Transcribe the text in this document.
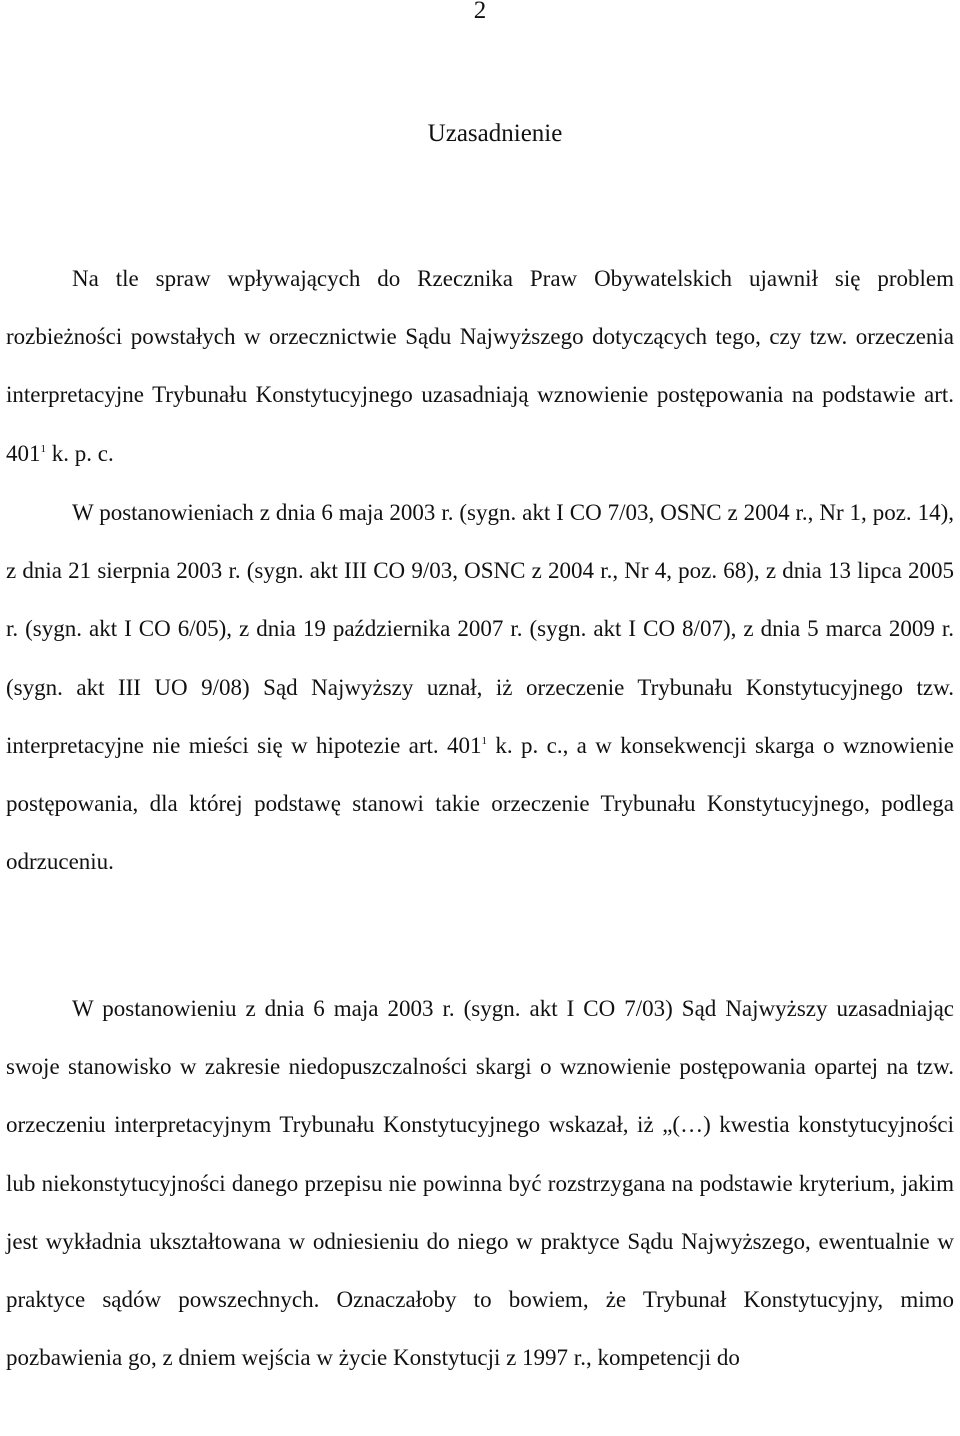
2
Uzasadnienie

Na tle spraw wpływających do Rzecznika Praw Obywatelskich ujawnił się problem rozbieżności powstałych w orzecznictwie Sądu Najwyższego dotyczących tego, czy tzw. orzeczenia interpretacyjne Trybunału Konstytucyjnego uzasadniają wznowienie postępowania na podstawie art. $401^1$ k. p. c.

W postanowieniach z dnia 6 maja 2003 r. (sygn. akt I CO 7/03, OSNC z 2004 r., Nr 1, poz. 14), z dnia 21 sierpnia 2003 r. (sygn. akt III CO 9/03, OSNC z 2004 r., Nr 4, poz. 68), z dnia 13 lipca 2005 r. (sygn. akt I CO 6/05), z dnia 19 października 2007 r. (sygn. akt I CO 8/07), z dnia 5 marca 2009 r. (sygn. akt III UO 9/08) Sąd Najwyższy uznał, iż orzeczenie Trybunału Konstytucyjnego tzw. interpretacyjne nie mieści się w hipotezie art. $401^1$ k. p. c., a w konsekwencji skarga o wznowienie postępowania, dla której podstawę stanowi takie orzeczenie Trybunału Konstytucyjnego, podlega odrzuceniu.

W postanowieniu z dnia 6 maja 2003 r. (sygn. akt I CO 7/03) Sąd Najwyższy uzasadniając swoje stanowisko w zakresie niedopuszczalności skargi o wznowienie postępowania opartej na tzw. orzeczeniu interpretacyjnym Trybunału Konstytucyjnego wskazał, iż „(…) kwestia konstytucyjności lub niekonstytucyjności danego przepisu nie powinna być rozstrzygana na podstawie kryterium, jakim jest wykładnia ukształtowana w odniesieniu do niego w praktyce Sądu Najwyższego, ewentualnie w praktyce sądów powszechnych. Oznaczałoby to bowiem, że Trybunał Konstytucyjny, mimo pozbawienia go, z dniem wejścia w życie Konstytucji z 1997 r., kompetencji do
